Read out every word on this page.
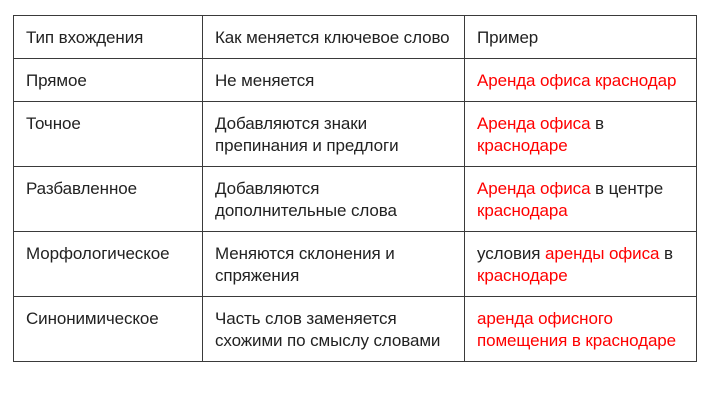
Тип вхождения	Как меняется ключевое слово	Пример
Прямое	Не меняется	Аренда офиса краснодар
Точное	Добавляются знаки препинания и предлоги	Аренда офиса в краснодаре
Разбавленное	Добавляются дополнительные слова	Аренда офиса в центре краснодара
Морфологическое	Меняются склонения и спряжения	условия аренды офиса в краснодаре
Синонимическое	Часть слов заменяется схожими по смыслу словами	аренда офисного помещения в краснодаре
